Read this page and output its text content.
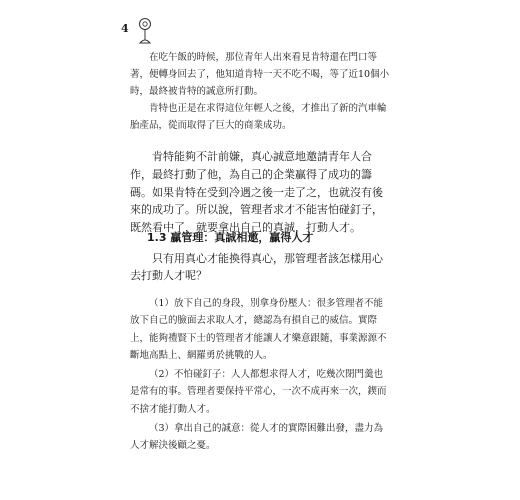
4

在吃午飯的時候，那位青年人出來看見肯特還在門口等著，便轉身回去了，他知道肯特一天不吃不喝，等了近10個小時，最終被肯特的誠意所打動。

肯特也正是在求得這位年輕人之後，才推出了新的汽車輪胎產品，從而取得了巨大的商業成功。

肯特能夠不計前嫌，真心誠意地邀請青年人合作，最終打動了他，為自己的企業贏得了成功的籌碼。如果肯特在受到冷遇之後一走了之，也就沒有後來的成功了。所以說，管理者求才不能害怕碰釘子，既然看中了，就要拿出自己的真誠，打動人才。

1.3 贏管理：真誠相邀，贏得人才

只有用真心才能換得真心，那管理者該怎樣用心去打動人才呢？

（1）放下自己的身段，別拿身份壓人：很多管理者不能放下自己的臉面去求取人才，總認為有損自己的威信。實際上，能夠禮賢下士的管理者才能讓人才樂意跟隨，事業源源不斷地高點上、網羅勇於挑戰的人。

（2）不怕碰釘子：人人都想求得人才，吃幾次閉門羹也是常有的事。管理者要保持平常心，一次不成再來一次，鍥而不捨才能打動人才。

（3）拿出自己的誠意：從人才的實際困難出發，盡力為人才解決後顧之憂。
